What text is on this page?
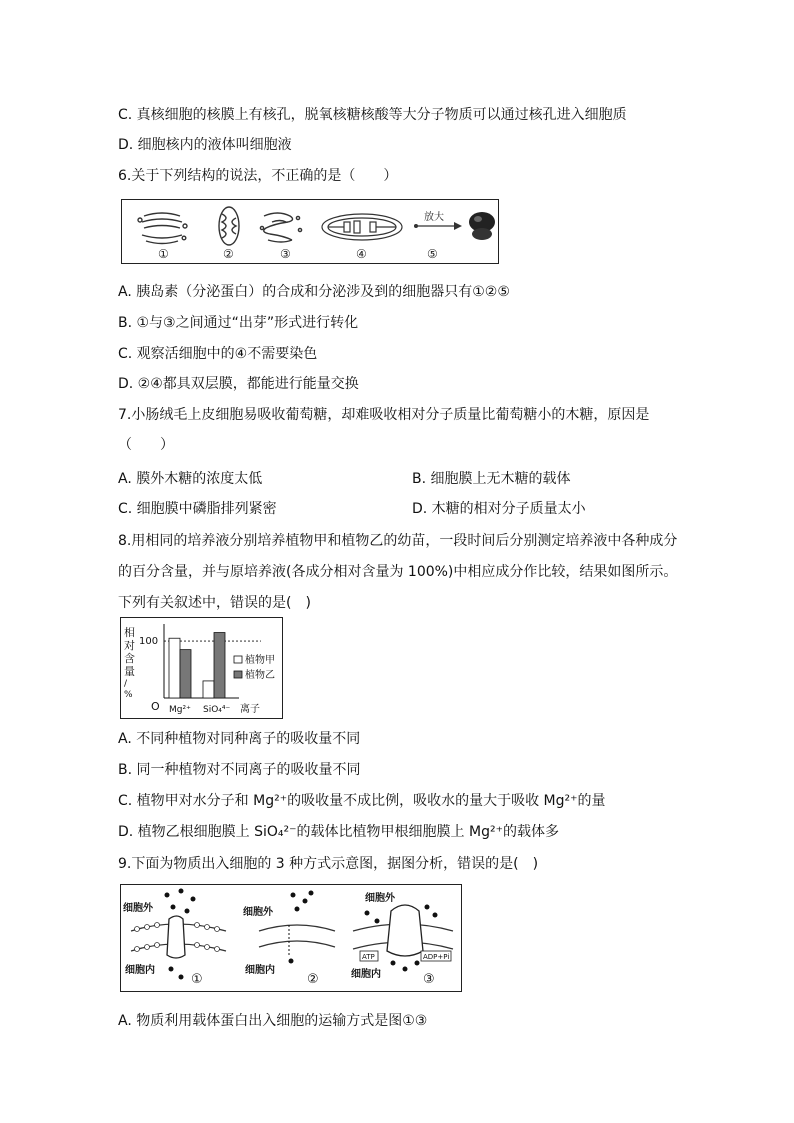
C. 真核细胞的核膜上有核孔，脱氧核糖核酸等大分子物质可以通过核孔进入细胞质
D. 细胞核内的液体叫细胞液
6.关于下列结构的说法，不正确的是（　　）
放大
①	②	③	④	⑤
A. 胰岛素（分泌蛋白）的合成和分泌涉及到的细胞器只有①②⑤
B. ①与③之间通过“出芽”形式进行转化
C. 观察活细胞中的④不需要染色
D. ②④都具双层膜，都能进行能量交换
7.小肠绒毛上皮细胞易吸收葡萄糖，却难吸收相对分子质量比葡萄糖小的木糖，原因是
（　　）
A. 膜外木糖的浓度太低	B. 细胞膜上无木糖的载体
C. 细胞膜中磷脂排列紧密	D. 木糖的相对分子质量太小
8.用相同的培养液分别培养植物甲和植物乙的幼苗，一段时间后分别测定培养液中各种成分
的百分含量，并与原培养液(各成分相对含量为 100%)中相应成分作比较，结果如图所示。
下列有关叙述中，错误的是(　)
相
对
含
量
/
%
O
100
Mg²⁺ SiO₄⁴⁻ 离子
植物甲
植物乙
A. 不同种植物对同种离子的吸收量不同
B. 同一种植物对不同离子的吸收量不同
C. 植物甲对水分子和 Mg²⁺的吸收量不成比例，吸收水的量大于吸收 Mg²⁺的量
D. 植物乙根细胞膜上 SiO₄²⁻的载体比植物甲根细胞膜上 Mg²⁺的载体多
9.下面为物质出入细胞的 3 种方式示意图，据图分析，错误的是(　)
细胞外
细胞内
①
细胞外
细胞内
②
细胞外
细胞内
ATP	ADP+Pi
③
A. 物质利用载体蛋白出入细胞的运输方式是图①③
